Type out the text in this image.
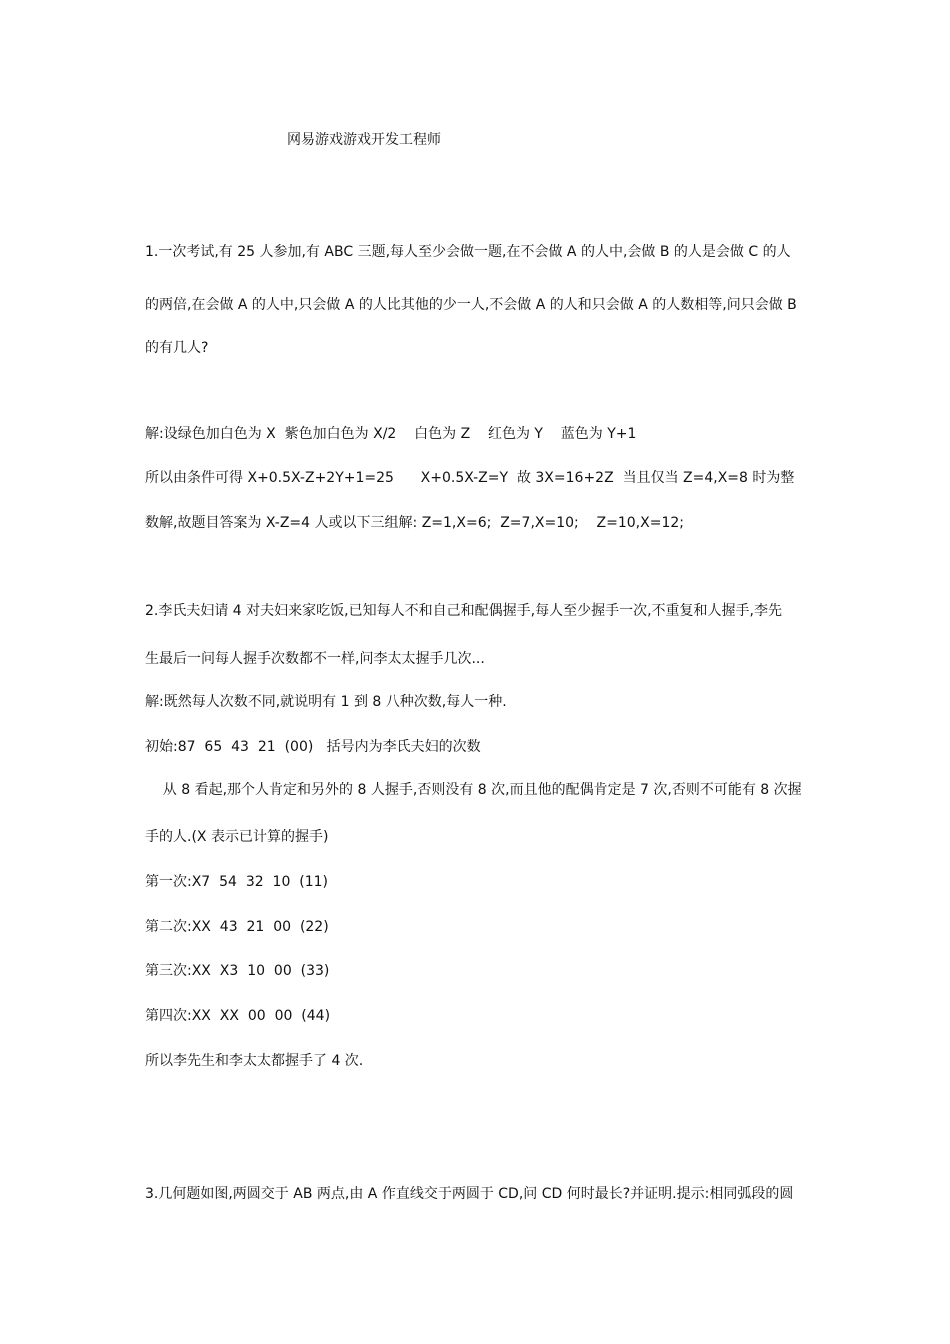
网易游戏游戏开发工程师
1.一次考试,有 25 人参加,有 ABC 三题,每人至少会做一题,在不会做 A 的人中,会做 B 的人是会做 C 的人
的两倍,在会做 A 的人中,只会做 A 的人比其他的少一人,不会做 A 的人和只会做 A 的人数相等,问只会做 B
的有几人?
解:设绿色加白色为 X  紫色加白色为 X/2    白色为 Z    红色为 Y    蓝色为 Y+1
所以由条件可得 X+0.5X-Z+2Y+1=25      X+0.5X-Z=Y  故 3X=16+2Z  当且仅当 Z=4,X=8 时为整
数解,故题目答案为 X-Z=4 人或以下三组解: Z=1,X=6;  Z=7,X=10;    Z=10,X=12;
2.李氏夫妇请 4 对夫妇来家吃饭,已知每人不和自己和配偶握手,每人至少握手一次,不重复和人握手,李先
生最后一问每人握手次数都不一样,问李太太握手几次...
解:既然每人次数不同,就说明有 1 到 8 八种次数,每人一种.
初始:87  65  43  21  (00)   括号内为李氏夫妇的次数
从 8 看起,那个人肯定和另外的 8 人握手,否则没有 8 次,而且他的配偶肯定是 7 次,否则不可能有 8 次握
手的人.(X 表示已计算的握手)
第一次:X7  54  32  10  (11)
第二次:XX  43  21  00  (22)
第三次:XX  X3  10  00  (33)
第四次:XX  XX  00  00  (44)
所以李先生和李太太都握手了 4 次.
3.几何题如图,两圆交于 AB 两点,由 A 作直线交于两圆于 CD,问 CD 何时最长?并证明.提示:相同弧段的圆
